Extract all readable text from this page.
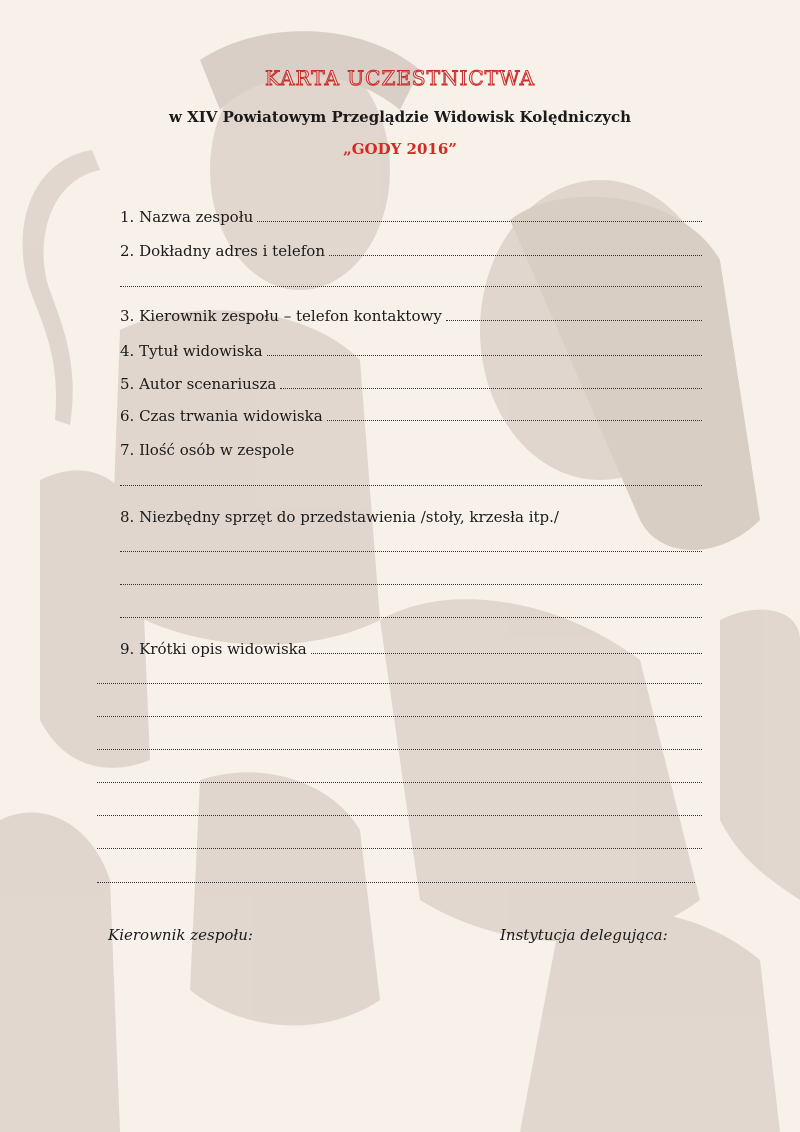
KARTA UCZESTNICTWA
w XIV Powiatowym Przeglądzie Widowisk Kolędniczych
„GODY 2016”
1. Nazwa zespołu
2. Dokładny adres i telefon
3. Kierownik zespołu – telefon kontaktowy
4. Tytuł widowiska
5. Autor scenariusza
6. Czas trwania widowiska
7. Ilość osób w zespole
8. Niezbędny sprzęt do przedstawienia /stoły, krzesła itp./
9. Krótki opis widowiska
Kierownik zespołu:	Instytucja delegująca:
